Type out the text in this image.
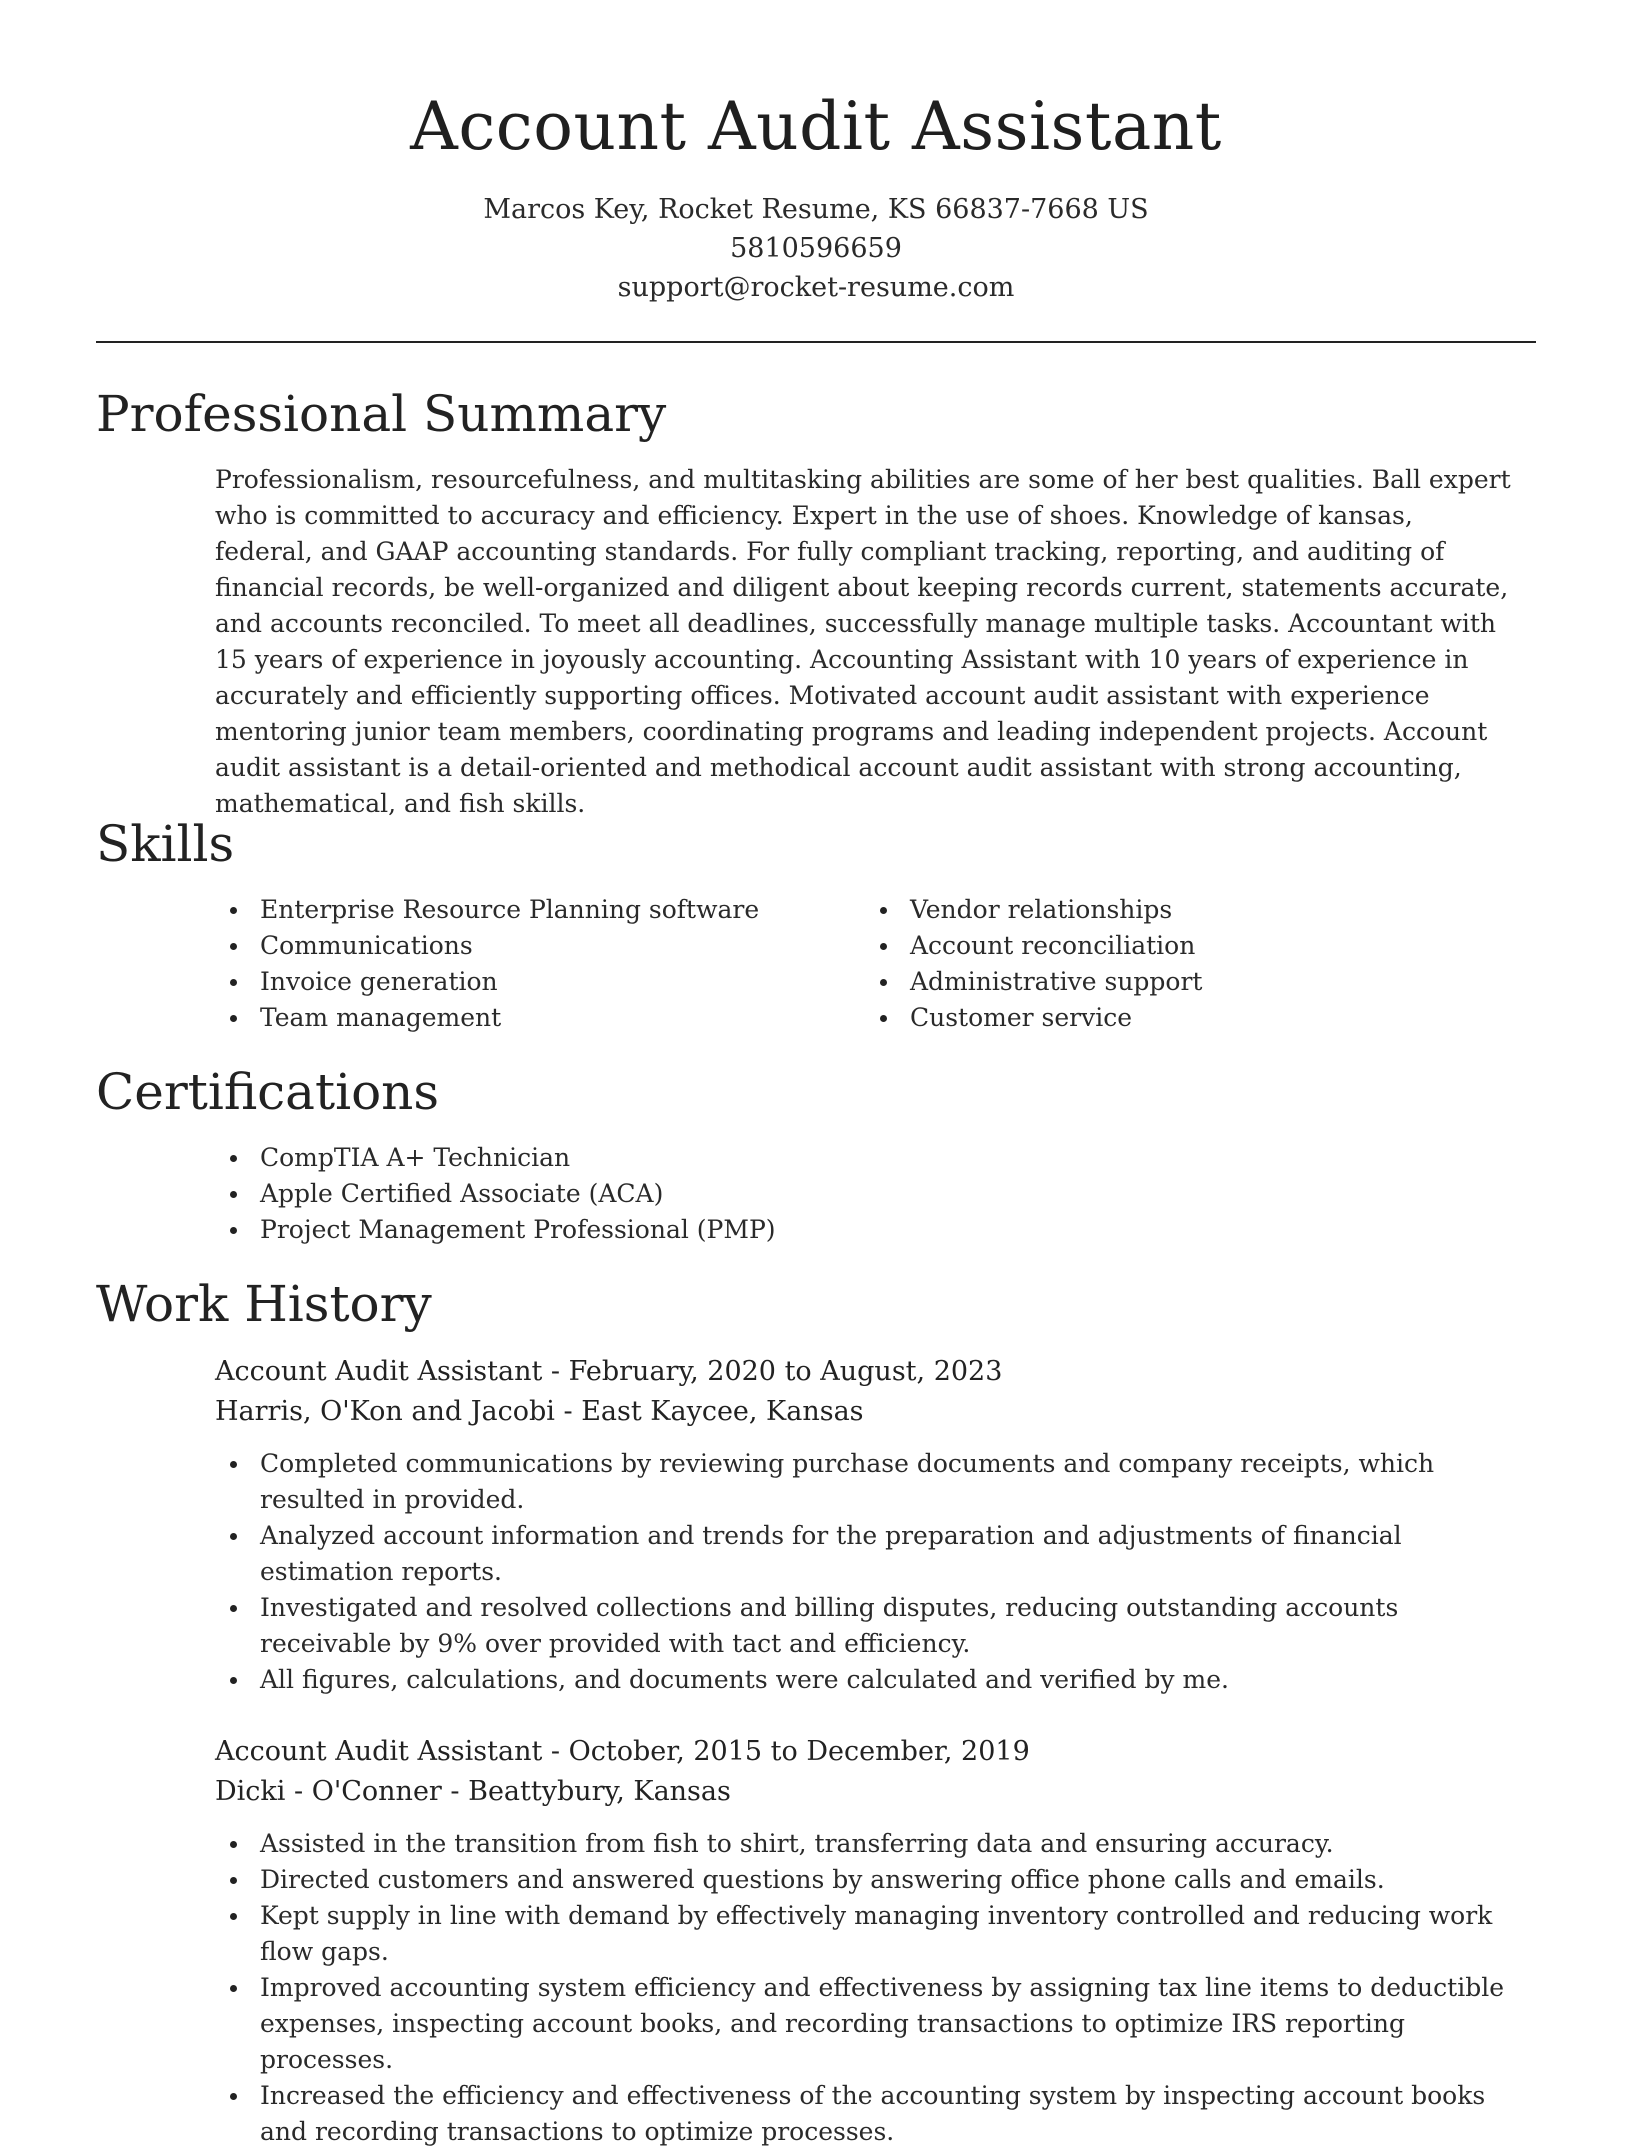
Account Audit Assistant
Marcos Key, Rocket Resume, KS 66837-7668 US
5810596659
support@rocket-resume.com
Professional Summary

Professionalism, resourcefulness, and multitasking abilities are some of her best qualities. Ball expert who is committed to accuracy and efficiency. Expert in the use of shoes. Knowledge of kansas, federal, and GAAP accounting standards. For fully compliant tracking, reporting, and auditing of financial records, be well-organized and diligent about keeping records current, statements accurate, and accounts reconciled. To meet all deadlines, successfully manage multiple tasks. Accountant with 15 years of experience in joyously accounting. Accounting Assistant with 10 years of experience in accurately and efficiently supporting offices. Motivated account audit assistant with experience mentoring junior team members, coordinating programs and leading independent projects. Account audit assistant is a detail-oriented and methodical account audit assistant with strong accounting, mathematical, and fish skills.

Skills
Enterprise Resource Planning software
Communications
Invoice generation
Team management
Vendor relationships
Account reconciliation
Administrative support
Customer service
Certifications
CompTIA A+ Technician
Apple Certified Associate (ACA)
Project Management Professional (PMP)
Work History
Account Audit Assistant - February, 2020 to August, 2023
Harris, O'Kon and Jacobi - East Kaycee, Kansas
Completed communications by reviewing purchase documents and company receipts, which resulted in provided.
Analyzed account information and trends for the preparation and adjustments of financial estimation reports.
Investigated and resolved collections and billing disputes, reducing outstanding accounts receivable by 9% over provided with tact and efficiency.
All figures, calculations, and documents were calculated and verified by me.
Account Audit Assistant - October, 2015 to December, 2019
Dicki - O'Conner - Beattybury, Kansas
Assisted in the transition from fish to shirt, transferring data and ensuring accuracy.
Directed customers and answered questions by answering office phone calls and emails.
Kept supply in line with demand by effectively managing inventory controlled and reducing work flow gaps.
Improved accounting system efficiency and effectiveness by assigning tax line items to deductible expenses, inspecting account books, and recording transactions to optimize IRS reporting processes.
Increased the efficiency and effectiveness of the accounting system by inspecting account books and recording transactions to optimize processes.
